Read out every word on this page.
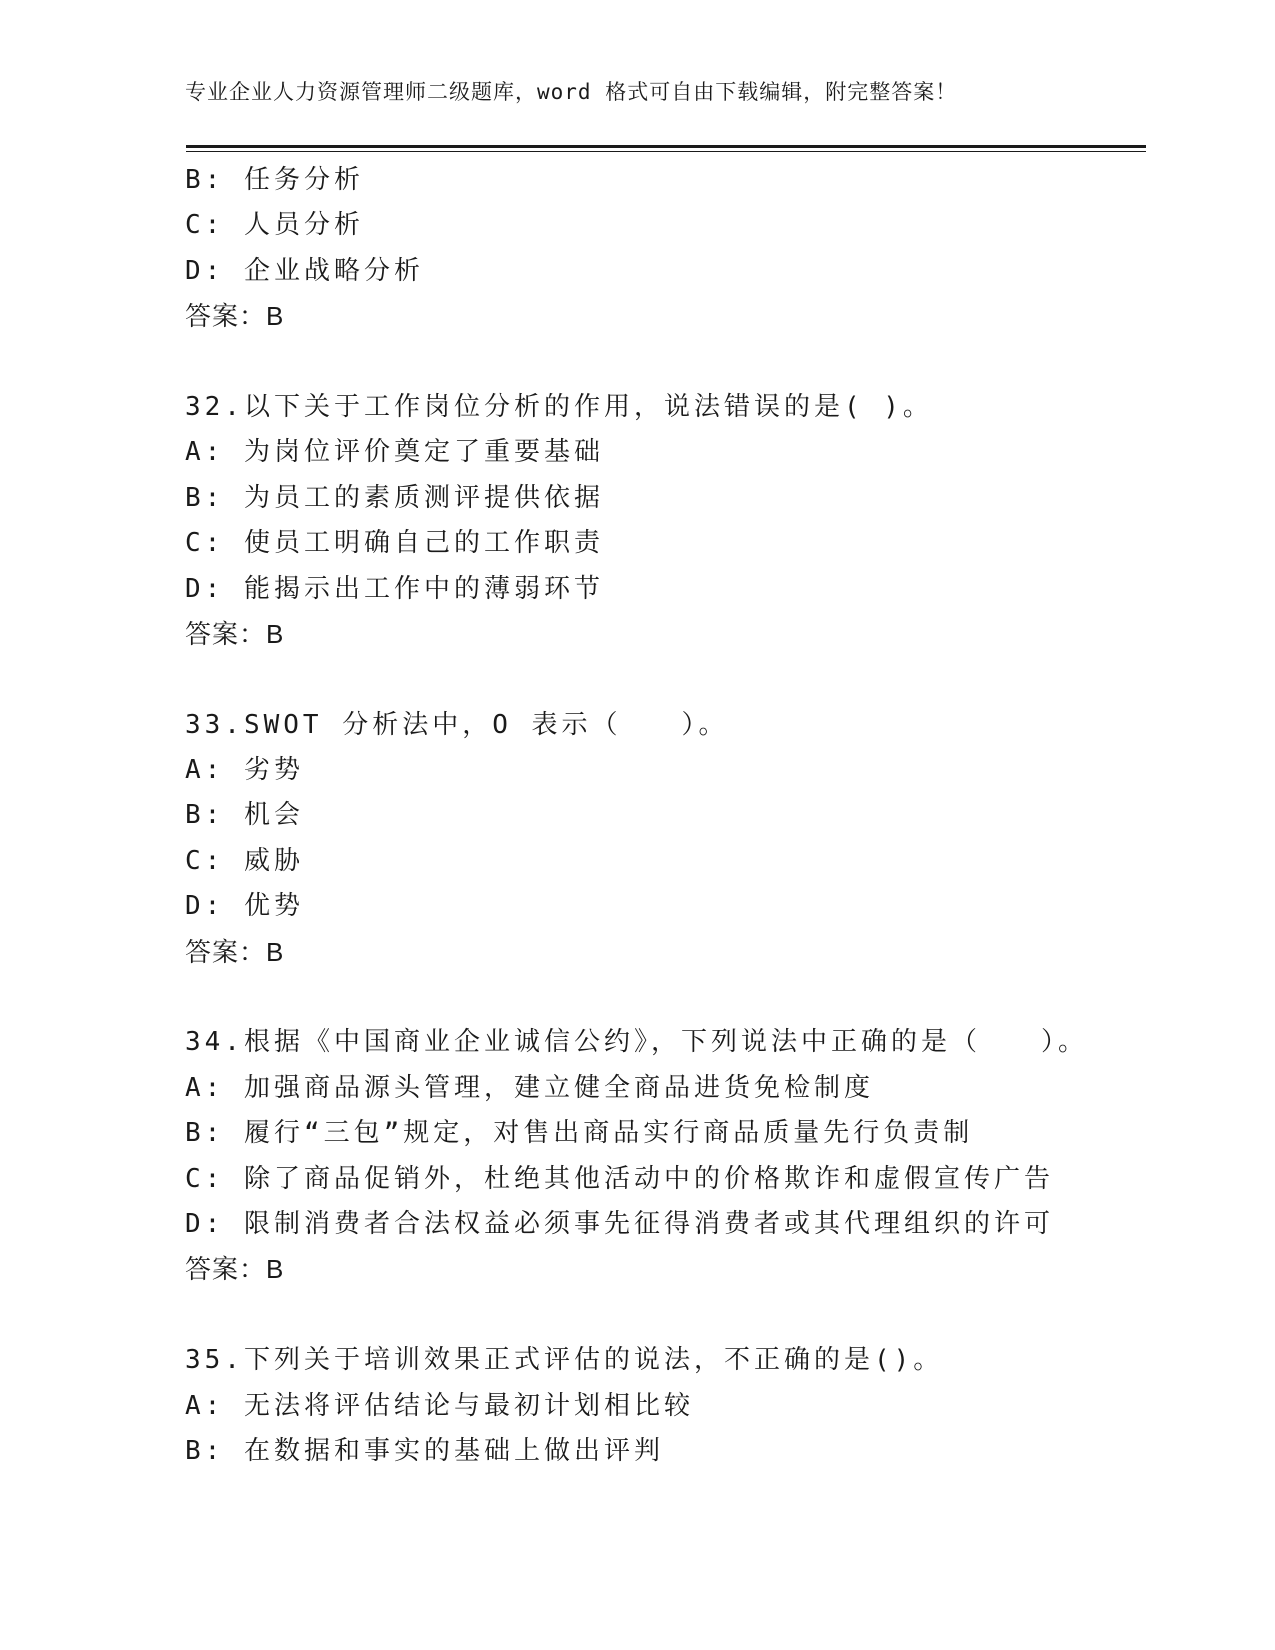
专业企业人力资源管理师二级题库，word 格式可自由下载编辑，附完整答案！
B: 任务分析
C: 人员分析
D: 企业战略分析
答案：B
32.以下关于工作岗位分析的作用，说法错误的是( )。
A: 为岗位评价奠定了重要基础
B: 为员工的素质测评提供依据
C: 使员工明确自己的工作职责
D: 能揭示出工作中的薄弱环节
答案：B
33.SWOT 分析法中，O 表示（　　）。
A: 劣势
B: 机会
C: 威胁
D: 优势
答案：B
34.根据《中国商业企业诚信公约》，下列说法中正确的是（　　）。
A: 加强商品源头管理，建立健全商品进货免检制度
B: 履行“三包”规定，对售出商品实行商品质量先行负责制
C: 除了商品促销外，杜绝其他活动中的价格欺诈和虚假宣传广告
D: 限制消费者合法权益必须事先征得消费者或其代理组织的许可
答案：B
35.下列关于培训效果正式评估的说法，不正确的是()。
A: 无法将评估结论与最初计划相比较
B: 在数据和事实的基础上做出评判
